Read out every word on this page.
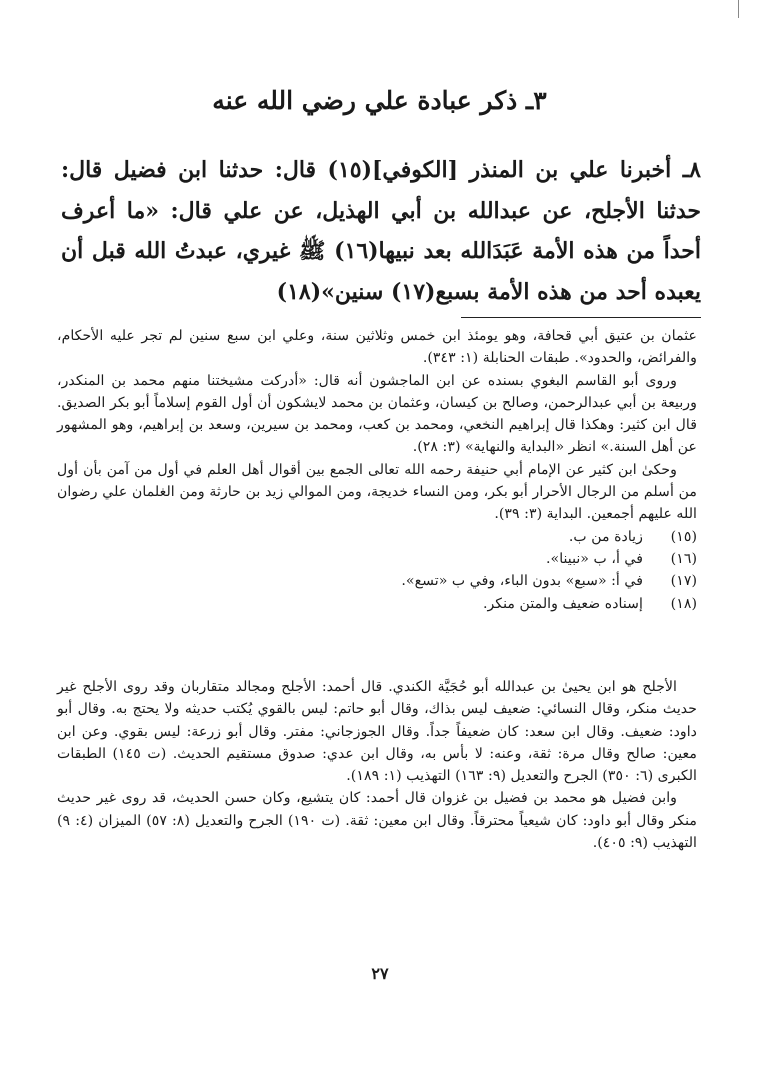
٣ـ ذكر عبادة علي رضي الله عنه

٨ـ أخبرنا علي بن المنذر [الكوفي](١٥) قال: حدثنا ابن فضيل قال: حدثنا الأجلح، عن عبدالله بن أبي الهذيل، عن علي قال: «ما أعرف أحداً من هذه الأمة عَبَدَالله بعد نبيها(١٦) ﷺ غيري، عبدتُ الله قبل أن يعبده أحد من هذه الأمة بسبع(١٧) سنين»(١٨)

عثمان بن عتيق أبي قحافة، وهو يومئذ ابن خمس وثلاثين سنة، وعلي ابن سبع سنين لم تجر عليه الأحكام، والفرائض، والحدود». طبقات الحنابلة (١: ٣٤٣).

وروى أبو القاسم البغوي بسنده عن ابن الماجشون أنه قال: «أدركت مشيختنا منهم محمد بن المنكدر، وربيعة بن أبي عبدالرحمن، وصالح بن كيسان، وعثمان بن محمد لايشكون أن أول القوم إسلاماً أبو بكر الصديق. قال ابن كثير: وهكذا قال إبراهيم النخعي، ومحمد بن كعب، ومحمد بن سيرين، وسعد بن إبراهيم، وهو المشهور عن أهل السنة.» انظر «البداية والنهاية» (٣: ٢٨).

وحكىٰ ابن كثير عن الإمام أبي حنيفة رحمه الله تعالى الجمع بين أقوال أهل العلم في أول من آمن بأن أول من أسلم من الرجال الأحرار أبو بكر، ومن النساء خديجة، ومن الموالي زيد بن حارثة ومن الغلمان علي رضوان الله عليهم أجمعين. البداية (٣: ٣٩).

(١٥)
زيادة من ب.
(١٦)
في أ، ب «نبينا».
(١٧)
في أ: «سبع» بدون الباء، وفي ب «تسع».
(١٨)
إسناده ضعيف والمتن منكر.

الأجلح هو ابن يحيىٰ بن عبدالله أبو حُجَيَّة الكندي. قال أحمد: الأجلح ومجالد متقاربان وقد روى الأجلح غير حديث منكر، وقال النسائي: ضعيف ليس بذاك، وقال أبو حاتم: ليس بالقوي يُكتب حديثه ولا يحتج به. وقال أبو داود: ضعيف. وقال ابن سعد: كان ضعيفاً جداً. وقال الجوزجاني: مفتر. وقال أبو زرعة: ليس بقوي. وعن ابن معين: صالح وقال مرة: ثقة، وعنه: لا بأس به، وقال ابن عدي: صدوق مستقيم الحديث. (ت ١٤٥) الطبقات الكبرى (٦: ٣٥٠) الجرح والتعديل (٩: ١٦٣) التهذيب (١: ١٨٩).

وابن فضيل هو محمد بن فضيل بن غزوان قال أحمد: كان يتشيع، وكان حسن الحديث، قد روى غير حديث منكر وقال أبو داود: كان شيعياً محترقاً. وقال ابن معين: ثقة. (ت ١٩٠) الجرح والتعديل (٨: ٥٧) الميزان (٤: ٩) التهذيب (٩: ٤٠٥).

٢٧
